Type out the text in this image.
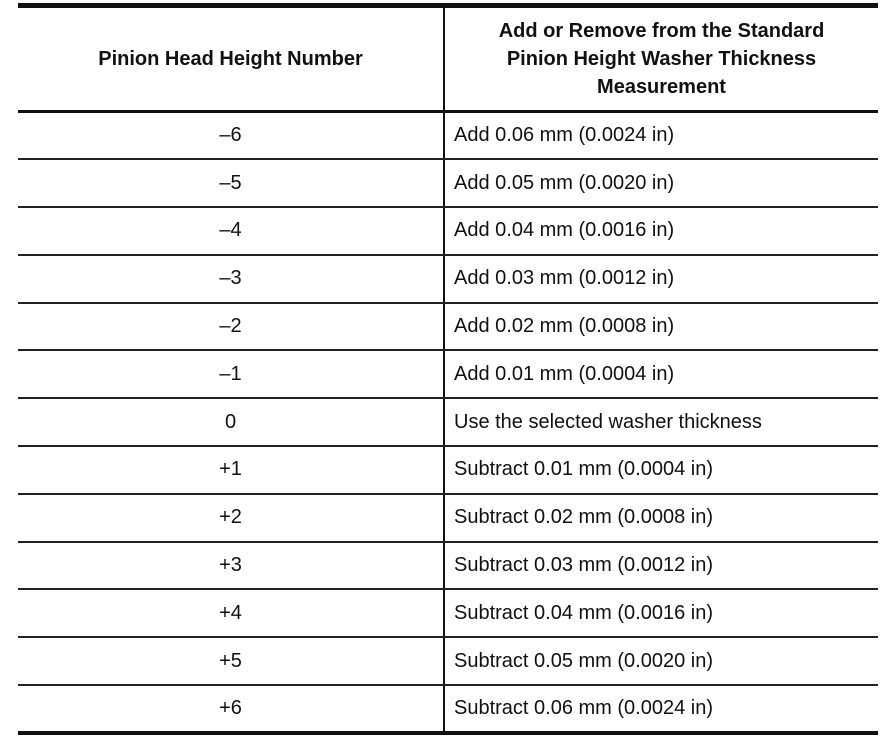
Pinion Head Height Number	Add or Remove from the Standard
Pinion Height Washer Thickness
Measurement

–6	Add 0.06 mm (0.0024 in)
–5	Add 0.05 mm (0.0020 in)
–4	Add 0.04 mm (0.0016 in)
–3	Add 0.03 mm (0.0012 in)
–2	Add 0.02 mm (0.0008 in)
–1	Add 0.01 mm (0.0004 in)
0	Use the selected washer thickness
+1	Subtract 0.01 mm (0.0004 in)
+2	Subtract 0.02 mm (0.0008 in)
+3	Subtract 0.03 mm (0.0012 in)
+4	Subtract 0.04 mm (0.0016 in)
+5	Subtract 0.05 mm (0.0020 in)
+6	Subtract 0.06 mm (0.0024 in)
